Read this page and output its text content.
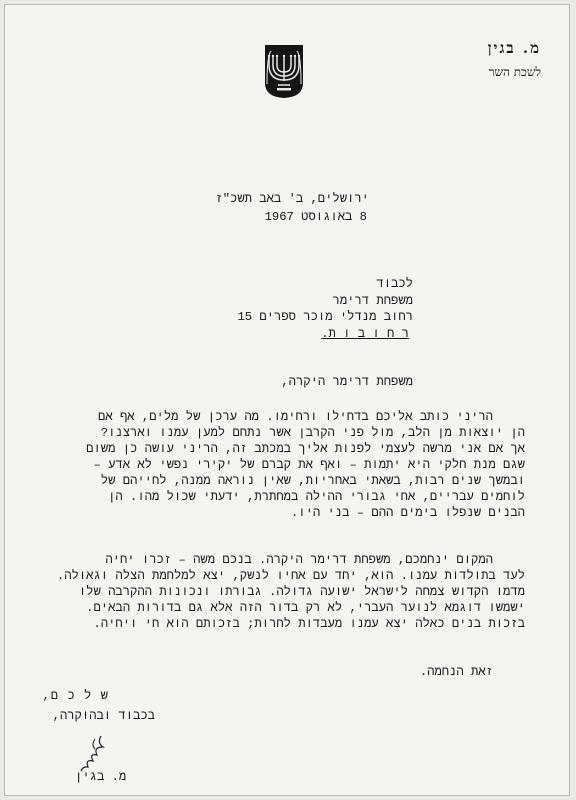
מ. בגין
לשכת השר
ירושלים, ב' באב תשכ"ז
8 באוגוסט 1967
לכבוד
משפחת דרימר
רחוב מנדלי מוכר ספרים 15
ר ח ו ב ו ת.
משפחת דרימר היקרה,
הריני כותב אליכם בדחילו ורחימו. מה ערכן של מלים, אף אם
הן יוצאות מן הלב, מול פני הקרבן אשר נתחם למען עמנו וארצנו?
אך אם אני מרשה לעצמי לפנות אליך במכתב זה, הריני עושה כן משום
שגם מנת חלקי היא יתמות – ואף את קברם של יקירי נפשי לא אדע –
ובמשך שנים רבות, בשאתי באחריות, שאין נוראה ממנה, לחייהם של
לוחמים עבריים, אחי גבורי ההילה במחתרת, ידעתי שכול מהו. הן
הבנים שנפלו בימים ההם – בני היו.
המקום ינחמכם, משפחת דרימר היקרה. בנכם משה – זכרו יחיה
לעד בתולדות עמנו. הוא, יחד עם אחיו לנשק, יצא למלחמת הצלה וגאולה.
מדמו הקדוש צמחה לישראל ישועה גדולה. גבורתו ונכונות ההקרבה שלו
ישמשו דוגמא לנוער העברי, לא רק בדור הזה אלא גם בדורות הבאים.
בזכות בנים כאלה יצא עמנו מעבדות לחרות; בזכותם הוא חי ויחיה.
זאת הנחמה.
ש ל כ ם,
בכבוד ובהוקרה,
מ. בגין
